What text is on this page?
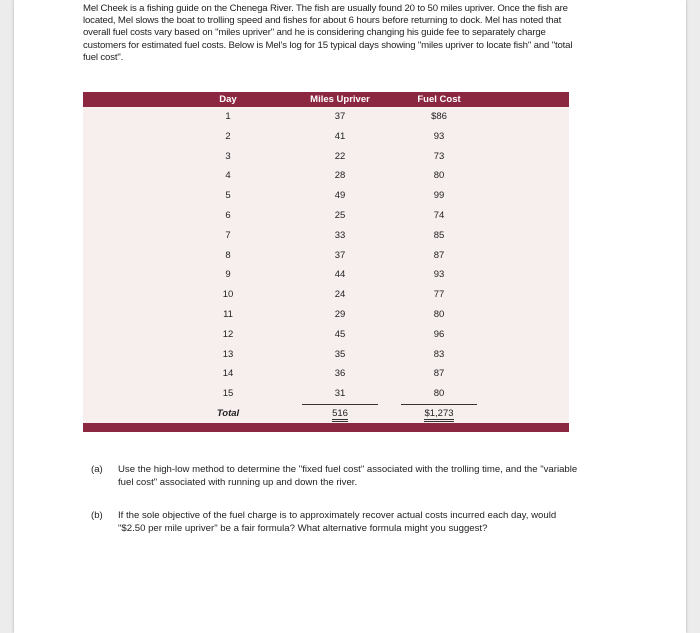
Mel Cheek is a fishing guide on the Chenega River. The fish are usually found 20 to 50 miles upriver. Once the fish are located, Mel slows the boat to trolling speed and fishes for about 6 hours before returning to dock. Mel has noted that overall fuel costs vary based on "miles upriver" and he is considering changing his guide fee to separately charge customers for estimated fuel costs. Below is Mel's log for 15 typical days showing "miles upriver to locate fish" and "total fuel cost".

Day	Miles Upriver	Fuel Cost
1	37	$86
2	41	93
3	22	73
4	28	80
5	49	99
6	25	74
7	33	85
8	37	87
9	44	93
10	24	77
11	29	80
12	45	96
13	35	83
14	36	87
15	31	80
Total	516	$1,273
(a) Use the high-low method to determine the "fixed fuel cost" associated with the trolling time, and the "variable fuel cost" associated with running up and down the river.
(b) If the sole objective of the fuel charge is to approximately recover actual costs incurred each day, would "$2.50 per mile upriver" be a fair formula? What alternative formula might you suggest?
